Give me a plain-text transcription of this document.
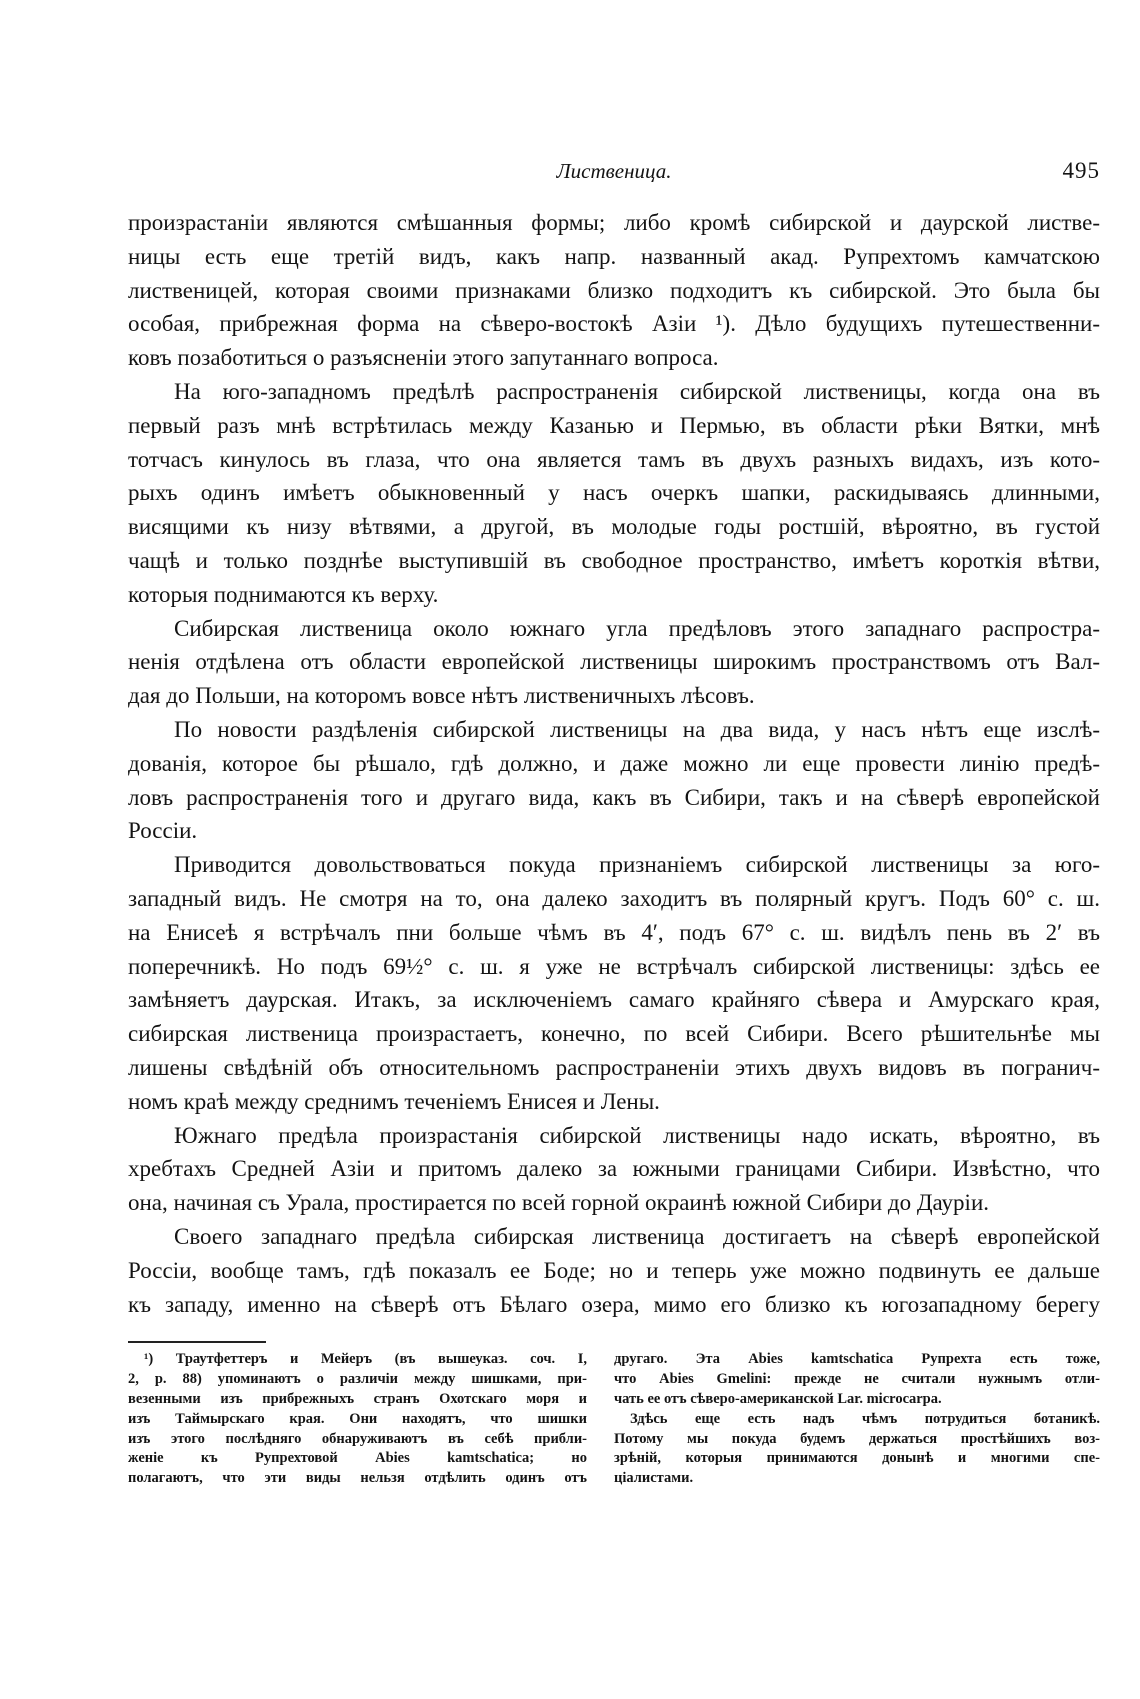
Лиственица.	495
произрастаніи являются смѣшанныя формы; либо кромѣ сибирской и даурской листве-
ницы есть еще третій видъ, какъ напр. названный акад. Рупрехтомъ камчатскою
лиственицей, которая своими признаками близко подходитъ къ сибирской. Это была бы
особая, прибрежная форма на сѣверо-востокѣ Азіи ¹). Дѣло будущихъ путешественни-
ковъ позаботиться о разъясненіи этого запутаннаго вопроса.
На юго-западномъ предѣлѣ распространенія сибирской лиственицы, когда она въ
первый разъ мнѣ встрѣтилась между Казанью и Пермью, въ области рѣки Вятки, мнѣ
тотчасъ кинулось въ глаза, что она является тамъ въ двухъ разныхъ видахъ, изъ кото-
рыхъ одинъ имѣетъ обыкновенный у насъ очеркъ шапки, раскидываясь длинными,
висящими къ низу вѣтвями, а другой, въ молодые годы ростшій, вѣроятно, въ густой
чащѣ и только позднѣе выступившій въ свободное пространство, имѣетъ короткія вѣтви,
которыя поднимаются къ верху.
Сибирская лиственица около южнаго угла предѣловъ этого западнаго распростра-
ненія отдѣлена отъ области европейской лиственицы широкимъ пространствомъ отъ Вал-
дая до Польши, на которомъ вовсе нѣтъ лиственичныхъ лѣсовъ.
По новости раздѣленія сибирской лиственицы на два вида, у насъ нѣтъ еще изслѣ-
дованія, которое бы рѣшало, гдѣ должно, и даже можно ли еще провести линію предѣ-
ловъ распространенія того и другаго вида, какъ въ Сибири, такъ и на сѣверѣ европейской
Россіи.
Приводится довольствоваться покуда признаніемъ сибирской лиственицы за юго-
западный видъ. Не смотря на то, она далеко заходитъ въ полярный кругъ. Подъ 60° с. ш.
на Енисеѣ я встрѣчалъ пни больше чѣмъ въ 4′, подъ 67° с. ш. видѣлъ пень въ 2′ въ
поперечникѣ. Но подъ 69½° с. ш. я уже не встрѣчалъ сибирской лиственицы: здѣсь ее
замѣняетъ даурская. Итакъ, за исключеніемъ самаго крайняго сѣвера и Амурскаго края,
сибирская лиственица произрастаетъ, конечно, по всей Сибири. Всего рѣшительнѣе мы
лишены свѣдѣній объ относительномъ распространеніи этихъ двухъ видовъ въ погранич-
номъ краѣ между среднимъ теченіемъ Енисея и Лены.
Южнаго предѣла произрастанія сибирской лиственицы надо искать, вѣроятно, въ
хребтахъ Средней Азіи и притомъ далеко за южными границами Сибири. Извѣстно, что
она, начиная съ Урала, простирается по всей горной окраинѣ южной Сибири до Дауріи.
Своего западнаго предѣла сибирская лиственица достигаетъ на сѣверѣ европейской
Россіи, вообще тамъ, гдѣ показалъ ее Боде; но и теперь уже можно подвинуть ее дальше
къ западу, именно на сѣверѣ отъ Бѣлаго озера, мимо его близко къ югозападному берегу
¹) Траутфеттеръ и Мейеръ (въ вышеуказ. соч. I,
2, p. 88) упоминаютъ о различіи между шишками, при-
везенными изъ прибрежныхъ странъ Охотскаго моря и
изъ Таймырскаго края. Они находятъ, что шишки
изъ этого послѣдняго обнаруживаютъ въ себѣ прибли-
женіе къ Рупрехтовой Abies kamtschatica; но
полагаютъ, что эти виды нельзя отдѣлить одинъ отъ
другаго. Эта Abies kamtschatica Рупрехта есть тоже,
что Abies Gmelini: прежде не считали нужнымъ отли-
чать ее отъ сѣверо-американской Lar. microcarpa.
Здѣсь еще есть надъ чѣмъ потрудиться ботаникѣ.
Потому мы покуда будемъ держаться простѣйшихъ воз-
зрѣній, которыя принимаются донынѣ и многими спе-
ціалистами.
